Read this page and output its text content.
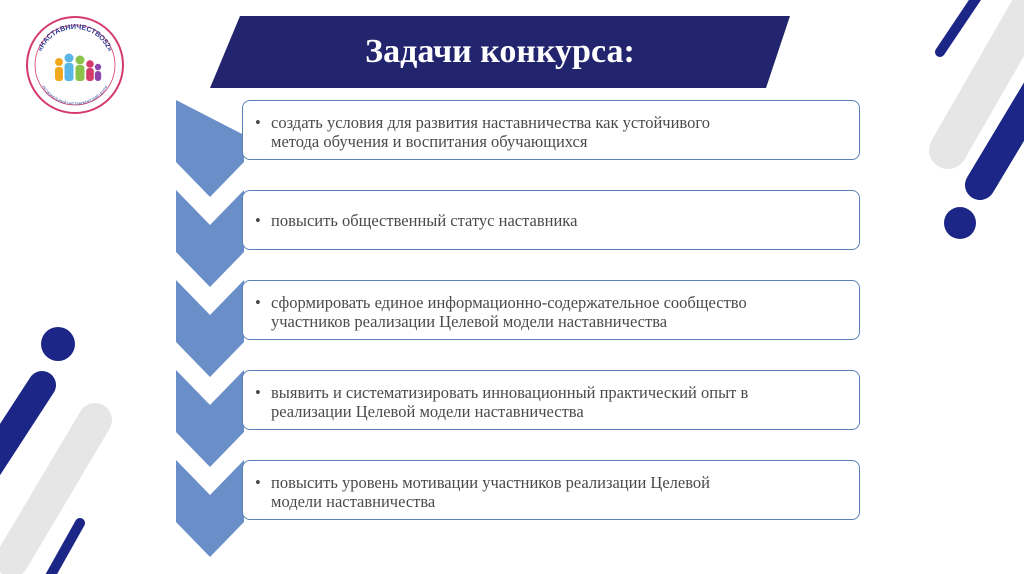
«НАСТАВНИЧЕСТВО52»
РЕГИОНАЛЬНЫЙ НАСТАВНИЧЕСКИЙ ЦЕНТР
Задачи конкурса:
• создать условия для развития наставничества как устойчивого
метода обучения и воспитания обучающихся
• повысить общественный статус наставника
• сформировать единое информационно-содержательное сообщество
участников реализации Целевой модели наставничества
• выявить и систематизировать инновационный практический опыт в
реализации Целевой модели наставничества
• повысить уровень мотивации участников реализации Целевой
модели наставничества
